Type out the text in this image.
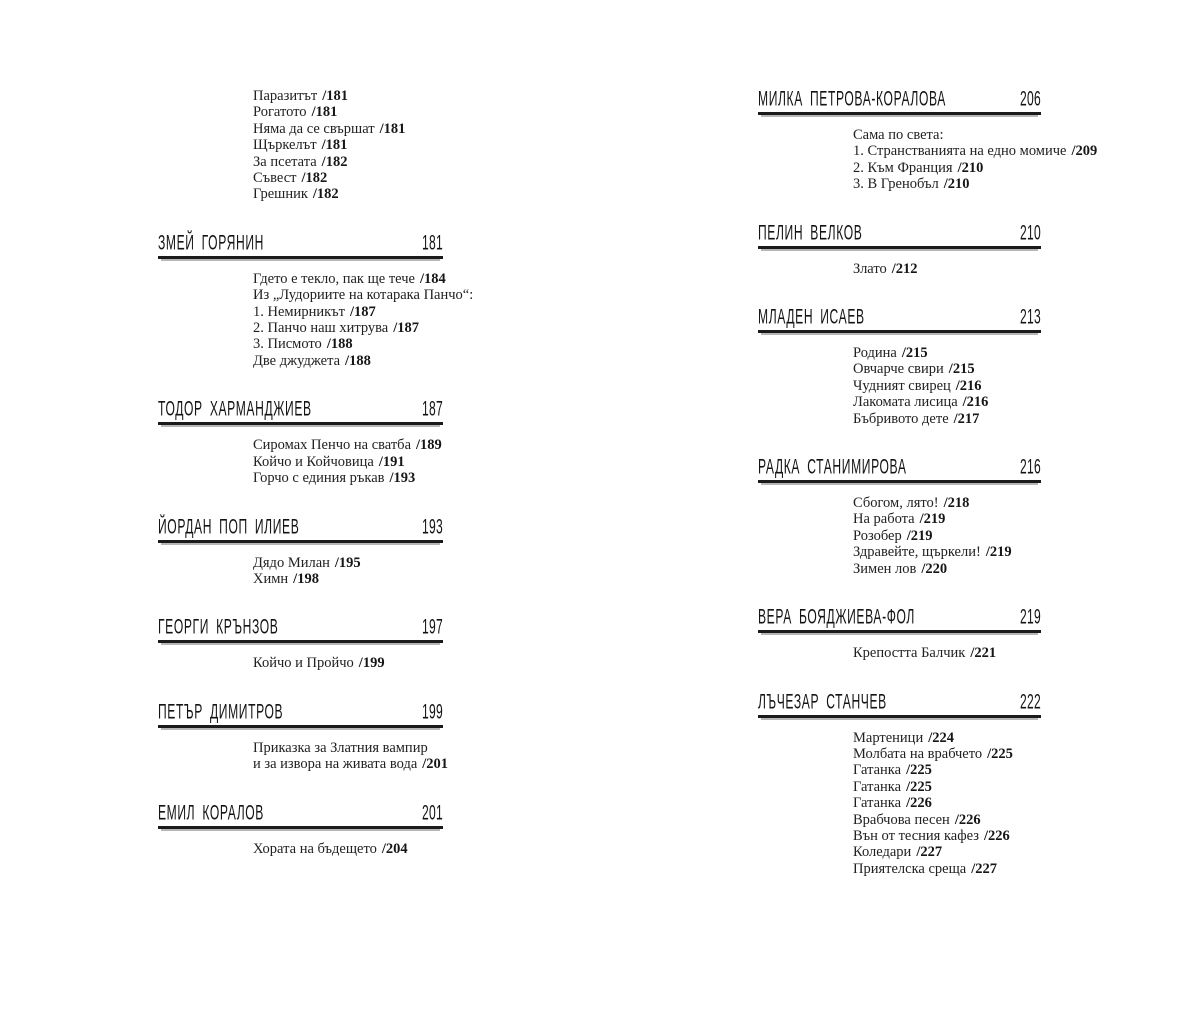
Паразитът /181
Рогатото /181
Няма да се свършат /181
Щъркелът /181
За псетата /182
Съвест /182
Грешник /182
ЗМЕЙ ГОРЯНИН	181
Гдето е текло, пак ще тече /184
Из „Лудориите на котарака Панчо“:
1. Немирникът /187
2. Панчо наш хитрува /187
3. Писмото /188
Две джуджета /188
ТОДОР ХАРМАНДЖИЕВ	187
Сиромах Пенчо на сватба /189
Койчо и Койчовица /191
Горчо с единия ръкав /193
ЙОРДАН ПОП ИЛИЕВ	193
Дядо Милан /195
Химн /198
ГЕОРГИ КРЪНЗОВ	197
Койчо и Пройчо /199
ПЕТЪР ДИМИТРОВ	199
Приказка за Златния вампир
и за извора на живата вода /201
ЕМИЛ КОРАЛОВ	201
Хората на бъдещето /204
МИЛКА ПЕТРОВА-КОРАЛОВА	206
Сама по света:
1. Странстванията на едно момиче /209
2. Към Франция /210
3. В Гренобъл /210
ПЕЛИН ВЕЛКОВ	210
Злато /212
МЛАДЕН ИСАЕВ	213
Родина /215
Овчарче свири /215
Чудният свирец /216
Лакомата лисица /216
Бъбривото дете /217
РАДКА СТАНИМИРОВА	216
Сбогом, лято! /218
На работа /219
Розобер /219
Здравейте, щъркели! /219
Зимен лов /220
ВЕРА БОЯДЖИЕВА-ФОЛ	219
Крепостта Балчик /221
ЛЪЧЕЗАР СТАНЧЕВ	222
Мартеници /224
Молбата на врабчето /225
Гатанка /225
Гатанка /225
Гатанка /226
Врабчова песен /226
Вън от тесния кафез /226
Коледари /227
Приятелска среща /227
